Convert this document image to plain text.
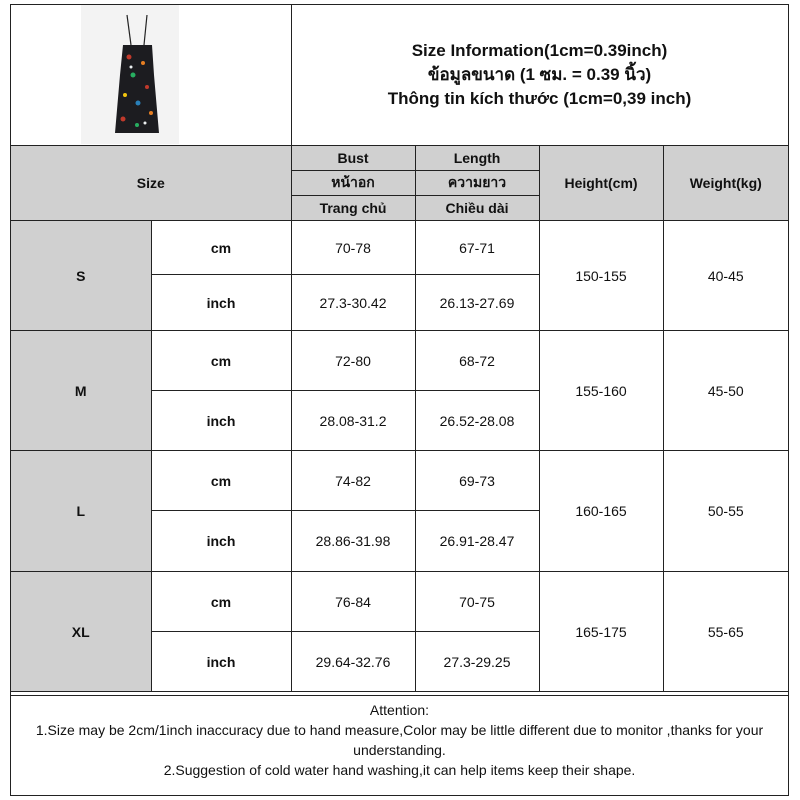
Size Information(1cm=0.39inch)
ข้อมูลขนาด (1 ซม. = 0.39 นิ้ว)
Thông tin kích thước (1cm=0,39 inch)
Size		Bust	Length	Height(cm)	Weight(kg)
		หน้าอก	ความยาว		
		Trang chủ	Chiều dài		
S	cm	70-78	67-71	150-155	40-45
	inch	27.3-30.42	26.13-27.69		
M	cm	72-80	68-72	155-160	45-50
	inch	28.08-31.2	26.52-28.08		
L	cm	74-82	69-73	160-165	50-55
	inch	28.86-31.98	26.91-28.47		
XL	cm	76-84	70-75	165-175	55-65
	inch	29.64-32.76	27.3-29.25		
Attention:
1.Size may be 2cm/1inch inaccuracy due to hand measure,Color may be little different due to monitor ,thanks for your understanding.
2.Suggestion of cold water hand washing,it can help items keep their shape.
